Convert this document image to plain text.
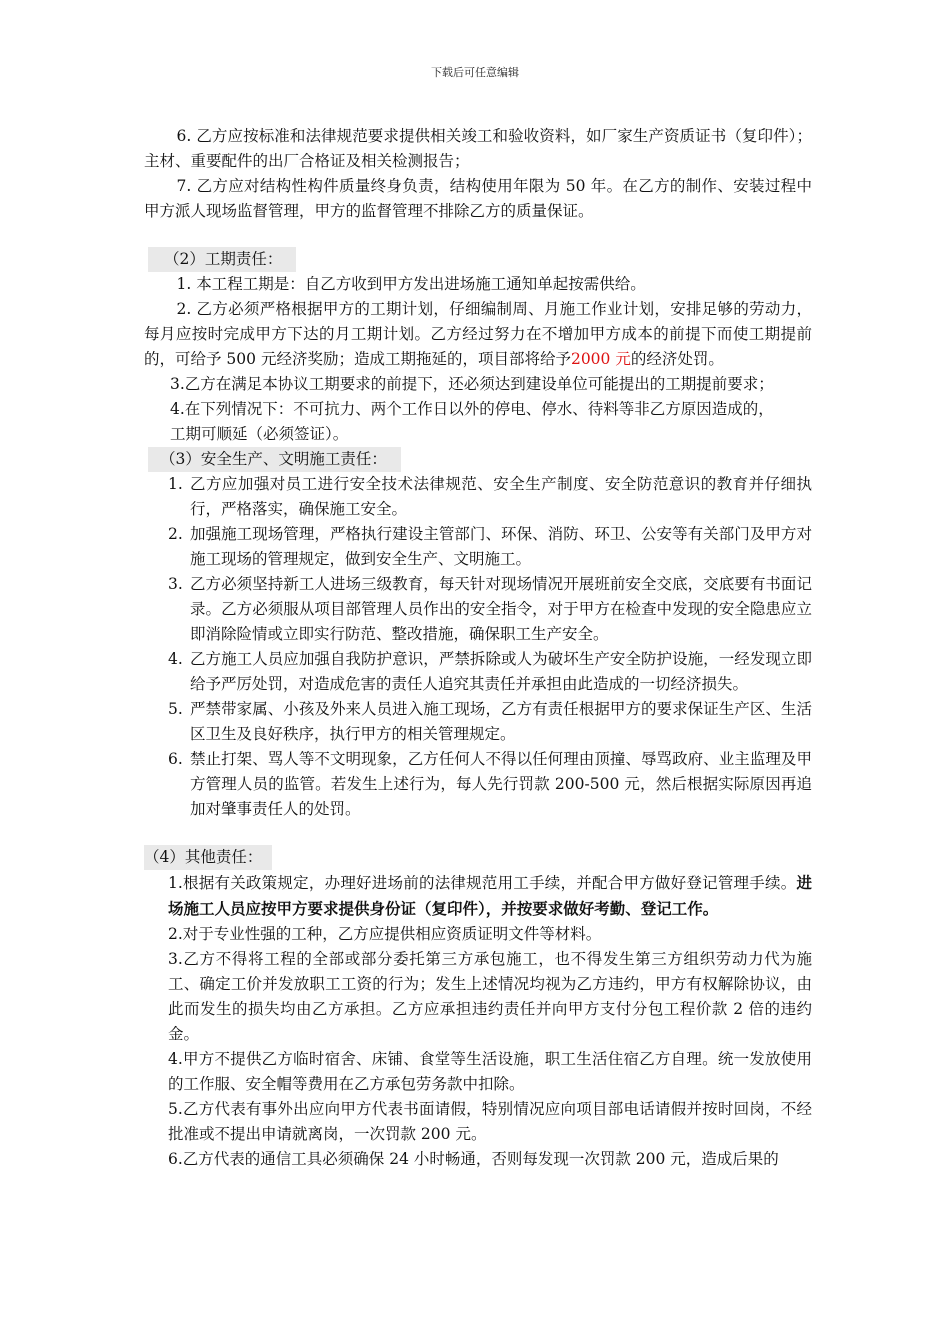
下载后可任意编辑

6. 乙方应按标准和法律规范要求提供相关竣工和验收资料，如厂家生产资质证书（复印件）；主材、重要配件的出厂合格证及相关检测报告；

7. 乙方应对结构性构件质量终身负责，结构使用年限为 50 年。在乙方的制作、安装过程中甲方派人现场监督管理，甲方的监督管理不排除乙方的质量保证。

（2）工期责任：

1. 本工程工期是：自乙方收到甲方发出进场施工通知单起按需供给。

2. 乙方必须严格根据甲方的工期计划，仔细编制周、月施工作业计划，安排足够的劳动力，每月应按时完成甲方下达的月工期计划。乙方经过努力在不增加甲方成本的前提下而使工期提前的，可给予 500 元经济奖励；造成工期拖延的，项目部将给予2000 元的经济处罚。

3.乙方在满足本协议工期要求的前提下，还必须达到建设单位可能提出的工期提前要求；

4.在下列情况下：不可抗力、两个工作日以外的停电、停水、待料等非乙方原因造成的，

工期可顺延（必须签证）。

（3）安全生产、文明施工责任：

1. 乙方应加强对员工进行安全技术法律规范、安全生产制度、安全防范意识的教育并仔细执行，严格落实，确保施工安全。
2. 加强施工现场管理，严格执行建设主管部门、环保、消防、环卫、公安等有关部门及甲方对施工现场的管理规定，做到安全生产、文明施工。
3. 乙方必须坚持新工人进场三级教育，每天针对现场情况开展班前安全交底，交底要有书面记录。乙方必须服从项目部管理人员作出的安全指令，对于甲方在检查中发现的安全隐患应立即消除险情或立即实行防范、整改措施，确保职工生产安全。
4. 乙方施工人员应加强自我防护意识，严禁拆除或人为破坏生产安全防护设施，一经发现立即给予严厉处罚，对造成危害的责任人追究其责任并承担由此造成的一切经济损失。
5. 严禁带家属、小孩及外来人员进入施工现场，乙方有责任根据甲方的要求保证生产区、生活区卫生及良好秩序，执行甲方的相关管理规定。
6. 禁止打架、骂人等不文明现象，乙方任何人不得以任何理由顶撞、辱骂政府、业主监理及甲方管理人员的监管。若发生上述行为，每人先行罚款 200-500 元，然后根据实际原因再追加对肇事责任人的处罚。

（4）其他责任：

1.根据有关政策规定，办理好进场前的法律规范用工手续，并配合甲方做好登记管理手续。进场施工人员应按甲方要求提供身份证（复印件），并按要求做好考勤、登记工作。

2.对于专业性强的工种，乙方应提供相应资质证明文件等材料。

3.乙方不得将工程的全部或部分委托第三方承包施工，也不得发生第三方组织劳动力代为施工、确定工价并发放职工工资的行为；发生上述情况均视为乙方违约，甲方有权解除协议，由此而发生的损失均由乙方承担。乙方应承担违约责任并向甲方支付分包工程价款 2 倍的违约金。

4.甲方不提供乙方临时宿舍、床铺、食堂等生活设施，职工生活住宿乙方自理。统一发放使用的工作服、安全帽等费用在乙方承包劳务款中扣除。

5.乙方代表有事外出应向甲方代表书面请假，特别情况应向项目部电话请假并按时回岗，不经批准或不提出申请就离岗，一次罚款 200 元。

6.乙方代表的通信工具必须确保 24 小时畅通，否则每发现一次罚款 200 元，造成后果的
